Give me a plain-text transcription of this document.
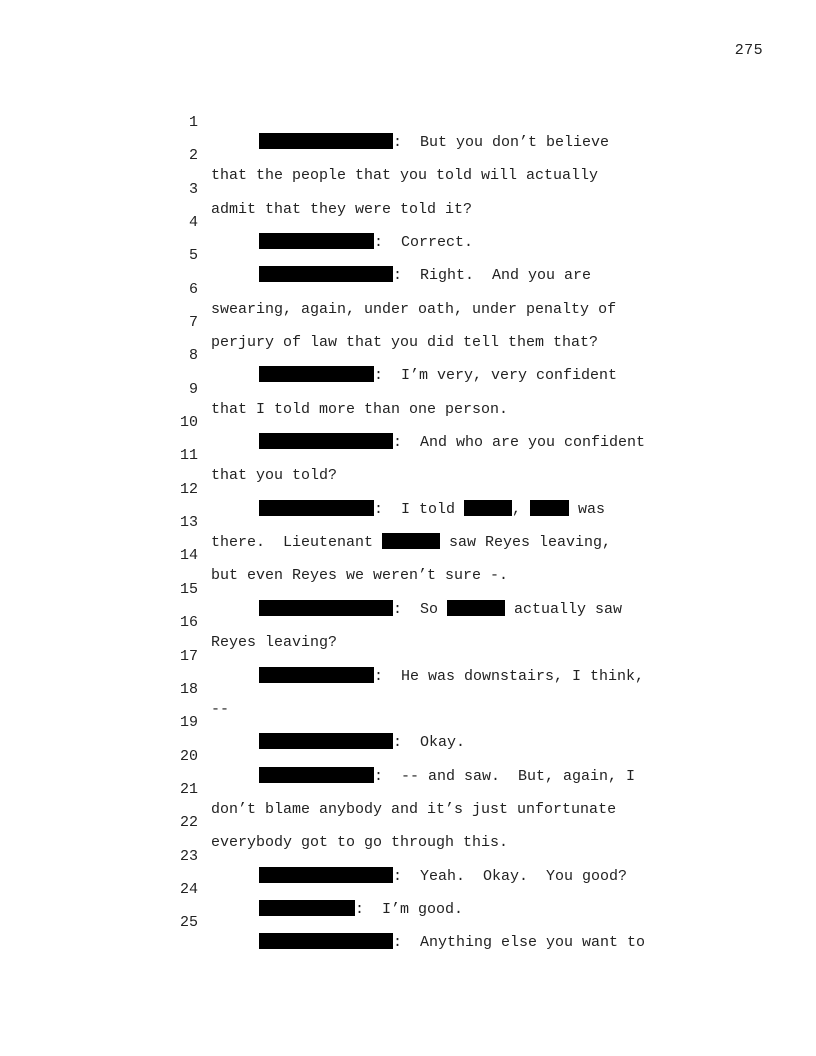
275

1

:  But you don’t believe

2

that the people that you told will actually

3

admit that they were told it?

4

:  Correct.

5

:  Right.  And you are

6

swearing, again, under oath, under penalty of

7

perjury of law that you did tell them that?

8

:  I’m very, very confident

9

that I told more than one person.

10

:  And who are you confident

11

that you told?

12

:  I told	,	was

13

there.  Lieutenant	saw Reyes leaving,

14

but even Reyes we weren’t sure -.

15

:  So	actually saw

16

Reyes leaving?

17

:  He was downstairs, I think,

18

--

19

:  Okay.

20

:  -- and saw.  But, again, I

21

don’t blame anybody and it’s just unfortunate

22

everybody got to go through this.

23

:  Yeah.  Okay.  You good?

24

:  I’m good.

25

:  Anything else you want to
